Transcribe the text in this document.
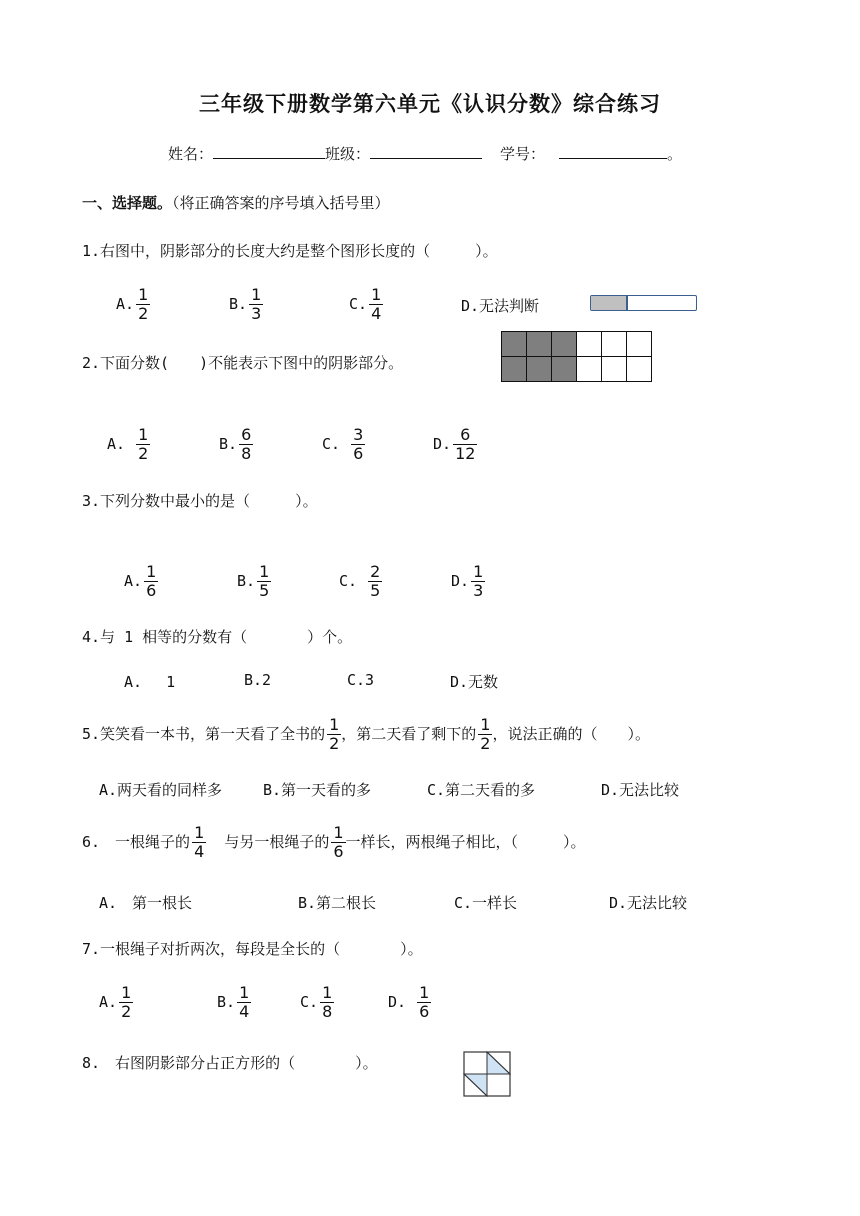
三年级下册数学第六单元《认识分数》综合练习
姓名：	班级：	学号：	。
一、选择题。（将正确答案的序号填入括号里）
1.右图中，阴影部分的长度大约是整个图形长度的（　　　）。
A. $\frac{1}{2}$	B. $\frac{1}{3}$	C. $\frac{1}{4}$	D.无法判断
2.下面分数(　　)不能表示下图中的阴影部分。
A. $\frac{1}{2}$	B. $\frac{6}{8}$	C. $\frac{3}{6}$	D. $\frac{6}{12}$
3.下列分数中最小的是（　　　）。
A. $\frac{1}{6}$	B. $\frac{1}{5}$	C. $\frac{2}{5}$	D. $\frac{1}{3}$
4.与 1 相等的分数有（　　　　）个。
A.　 1	B.2	C.3	D.无数
5.笑笑看一本书，第一天看了全书的 $\frac{1}{2}$ ，第二天看了剩下的 $\frac{1}{2}$ ，说法正确的（　　）。
A.两天看的同样多	B.第一天看的多	C.第二天看的多	D.无法比较
6.　一根绳子的 $\frac{1}{4}$ 与另一根绳子的 $\frac{1}{6}$ 一样长，两根绳子相比，（　　　）。
A.　第一根长	B.第二根长	C.一样长	D.无法比较
7.一根绳子对折两次，每段是全长的（　　　　）。
A. $\frac{1}{2}$	B. $\frac{1}{4}$	C. $\frac{1}{8}$	D. $\frac{1}{6}$
8.　右图阴影部分占正方形的（　　　　）。
